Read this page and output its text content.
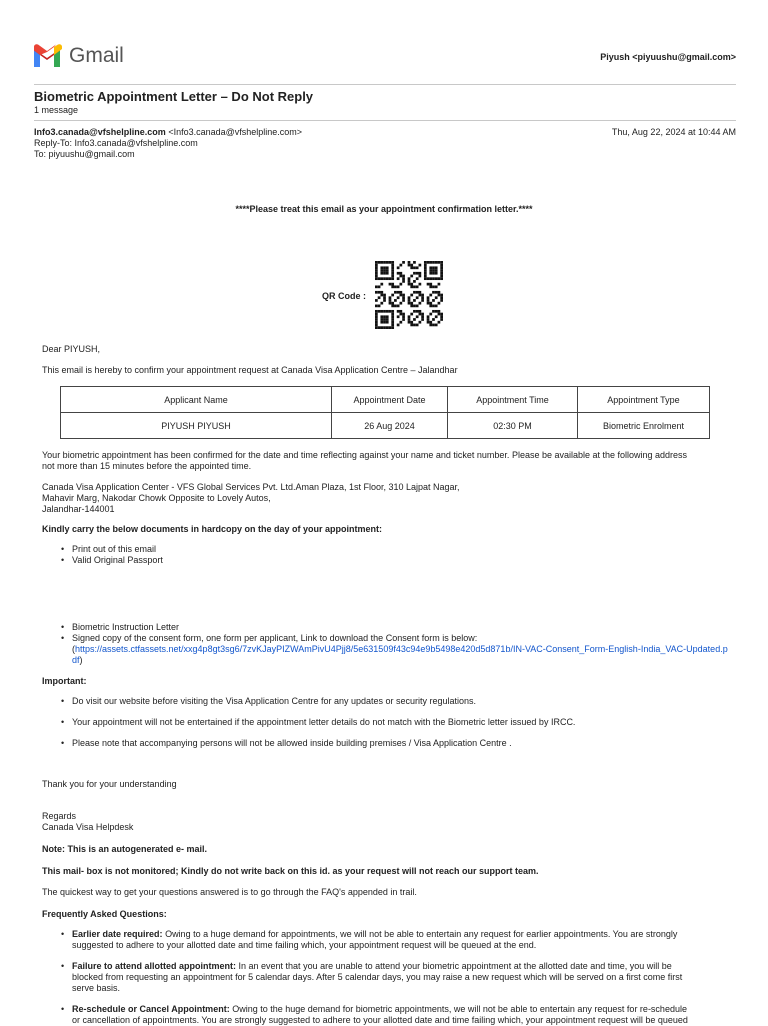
Gmail	Piyush <piyuushu@gmail.com>
Biometric Appointment Letter – Do Not Reply
1 message
Info3.canada@vfshelpline.com <Info3.canada@vfshelpline.com>	Thu, Aug 22, 2024 at 10:44 AM
Reply-To: Info3.canada@vfshelpline.com
To: piyuushu@gmail.com
****Please treat this email as your appointment confirmation letter.****
QR Code :
Dear PIYUSH,
This email is hereby to confirm your appointment request at Canada Visa Application Centre – Jalandhar
Applicant Name	Appointment Date	Appointment Time	Appointment Type
PIYUSH PIYUSH	26 Aug 2024	02:30 PM	Biometric Enrolment
Your biometric appointment has been confirmed for the date and time reflecting against your name and ticket number. Please be available at the following address
not more than 15 minutes before the appointed time.
Canada Visa Application Center - VFS Global Services Pvt. Ltd.Aman Plaza, 1st Floor, 310 Lajpat Nagar,
Mahavir Marg, Nakodar Chowk Opposite to Lovely Autos,
Jalandhar-144001
Kindly carry the below documents in hardcopy on the day of your appointment:
• Print out of this email
• Valid Original Passport
• Biometric Instruction Letter
• Signed copy of the consent form, one form per applicant, Link to download the Consent form is below:
(https://assets.ctfassets.net/xxg4p8gt3sg6/7zvKJayPIZWAmPivU4Pjj8/5e631509f43c94e9b5498e420d5d871b/IN-VAC-Consent_Form-English-India_VAC-Updated.pdf)
Important:
• Do visit our website before visiting the Visa Application Centre for any updates or security regulations.
• Your appointment will not be entertained if the appointment letter details do not match with the Biometric letter issued by IRCC.
• Please note that accompanying persons will not be allowed inside building premises / Visa Application Centre .
Thank you for your understanding
Regards
Canada Visa Helpdesk
Note: This is an autogenerated e- mail.
This mail- box is not monitored; Kindly do not write back on this id. as your request will not reach our support team.
The quickest way to get your questions answered is to go through the FAQ's appended in trail.
Frequently Asked Questions:
• Earlier date required: Owing to a huge demand for appointments, we will not be able to entertain any request for earlier appointments. You are strongly
suggested to adhere to your allotted date and time failing which, your appointment request will be queued at the end.
• Failure to attend allotted appointment: In an event that you are unable to attend your biometric appointment at the allotted date and time, you will be
blocked from requesting an appointment for 5 calendar days. After 5 calendar days, you may raise a new request which will be served on a first come first
serve basis.
• Re-schedule or Cancel Appointment: Owing to the huge demand for biometric appointments, we will not be able to entertain any request for re-schedule
or cancellation of appointments. You are strongly suggested to adhere to your allotted date and time failing which, your appointment request will be queued
